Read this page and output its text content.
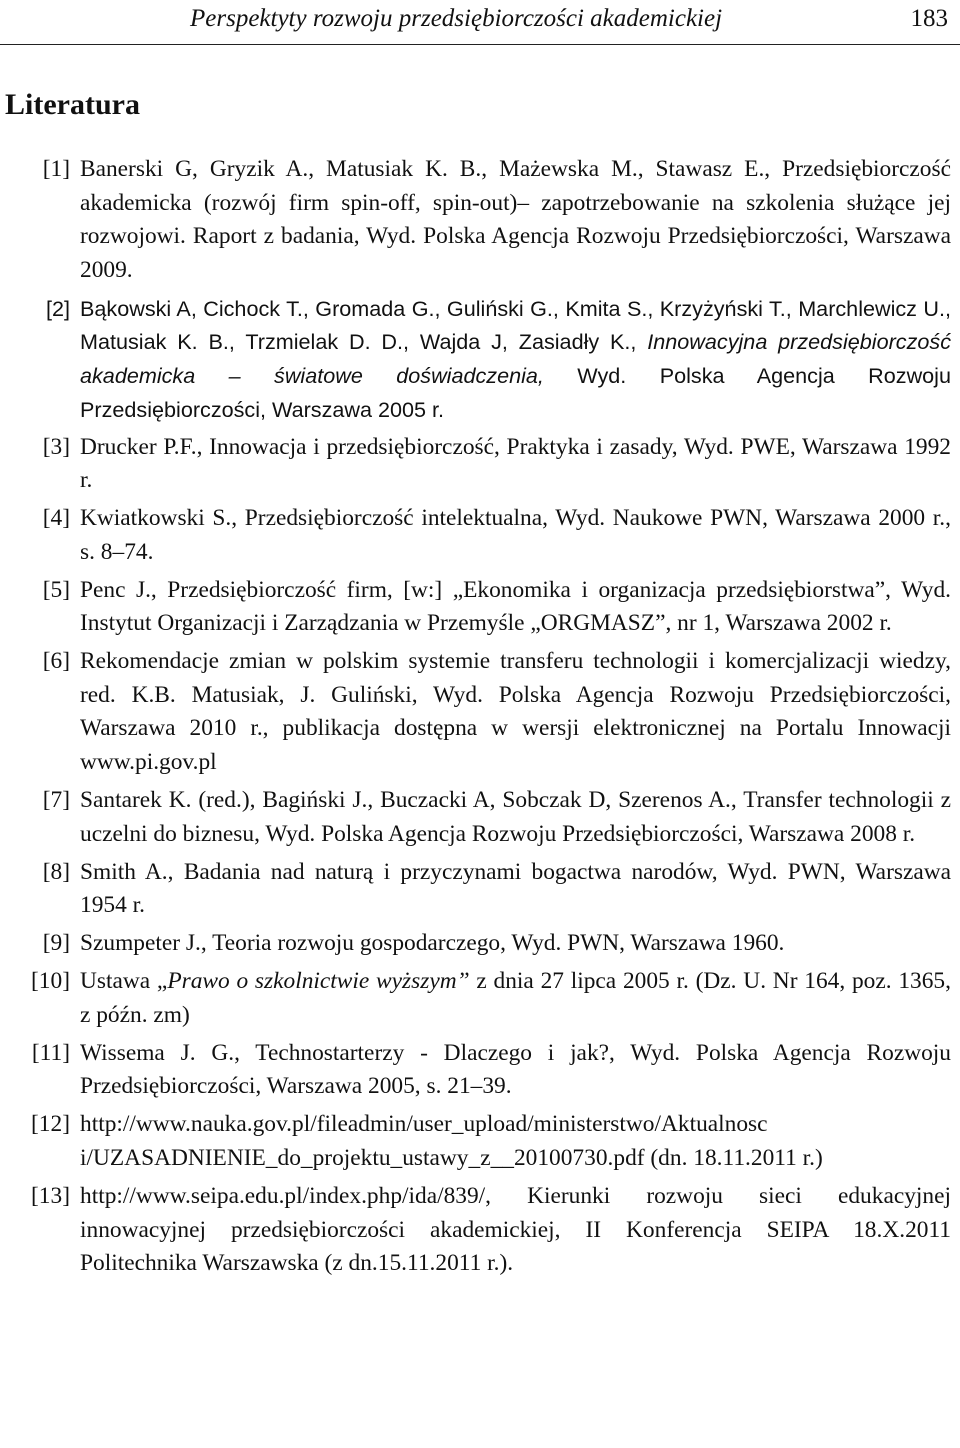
Perspektyty rozwoju przedsiębiorczości akademickiej	183
Literatura
[1] Banerski G, Gryzik A., Matusiak K. B., Mażewska M., Stawasz E., Przedsiębiorczość akademicka (rozwój firm spin-off, spin-out)– zapotrzebowanie na szkolenia służące jej rozwojowi. Raport z badania, Wyd. Polska Agencja Rozwoju Przedsiębiorczości, Warszawa 2009.
[2] Bąkowski A, Cichock T., Gromada G., Guliński G., Kmita S., Krzyżyński T., Marchlewicz U., Matusiak K. B., Trzmielak D. D., Wajda J, Zasiadły K., Innowacyjna przedsiębiorczość akademicka – światowe doświadczenia, Wyd. Polska Agencja Rozwoju Przedsiębiorczości, Warszawa 2005 r.
[3] Drucker P.F., Innowacja i przedsiębiorczość, Praktyka i zasady, Wyd. PWE, Warszawa 1992 r.
[4] Kwiatkowski S., Przedsiębiorczość intelektualna, Wyd. Naukowe PWN, Warszawa 2000 r., s. 8–74.
[5] Penc J., Przedsiębiorczość firm, [w:] „Ekonomika i organizacja przedsiębiorstwa”, Wyd. Instytut Organizacji i Zarządzania w Przemyśle „ORGMASZ”, nr 1, Warszawa 2002 r.
[6] Rekomendacje zmian w polskim systemie transferu technologii i komercjalizacji wiedzy, red. K.B. Matusiak, J. Guliński, Wyd. Polska Agencja Rozwoju Przedsiębiorczości, Warszawa 2010 r., publikacja dostępna w wersji elektronicznej na Portalu Innowacji www.pi.gov.pl
[7] Santarek K. (red.), Bagiński J., Buczacki A, Sobczak D, Szerenos A., Transfer technologii z uczelni do biznesu, Wyd. Polska Agencja Rozwoju Przedsiębiorczości, Warszawa 2008 r.
[8] Smith A., Badania nad naturą i przyczynami bogactwa narodów, Wyd. PWN, Warszawa 1954 r.
[9] Szumpeter J., Teoria rozwoju gospodarczego, Wyd. PWN, Warszawa 1960.
[10] Ustawa „Prawo o szkolnictwie wyższym” z dnia 27 lipca 2005 r. (Dz. U. Nr 164, poz. 1365, z późn. zm)
[11] Wissema J. G., Technostarterzy - Dlaczego i jak?, Wyd. Polska Agencja Rozwoju Przedsiębiorczości, Warszawa 2005, s. 21–39.
[12] http://www.nauka.gov.pl/fileadmin/user_upload/ministerstwo/Aktualnosc i/UZASADNIENIE_do_projektu_ustawy_z__20100730.pdf (dn. 18.11.2011 r.)
[13] http://www.seipa.edu.pl/index.php/ida/839/, Kierunki rozwoju sieci edukacyjnej innowacyjnej przedsiębiorczości akademickiej, II Konferencja SEIPA 18.X.2011 Politechnika Warszawska (z dn.15.11.2011 r.).
